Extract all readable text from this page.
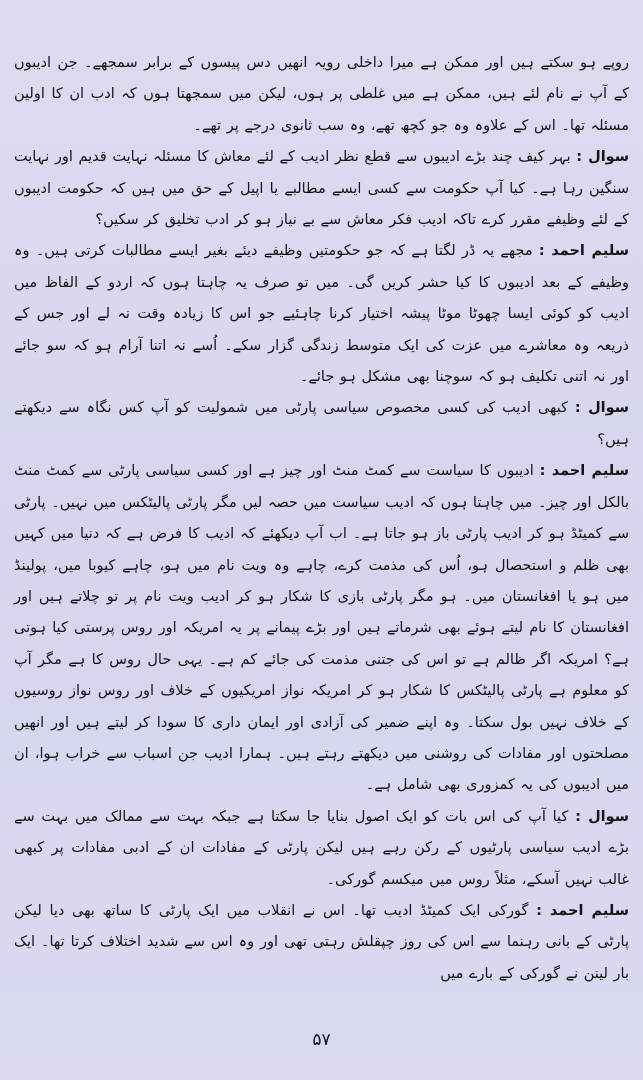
روپے ہو سکتے ہیں اور ممکن ہے میرا داخلی رویہ انھیں دس پیسوں کے برابر سمجھے۔ جن ادیبوں کے آپ نے نام لئے ہیں، ممکن ہے میں غلطی پر ہوں، لیکن میں سمجھتا ہوں کہ ادب ان کا اولین مسئلہ تھا۔ اس کے علاوہ وہ جو کچھ تھے، وہ سب ثانوی درجے پر تھے۔

سوال : بہر کیف چند بڑے ادیبوں سے قطع نظر ادیب کے لئے معاش کا مسئلہ نہایت قدیم اور نہایت سنگین رہا ہے۔ کیا آپ حکومت سے کسی ایسے مطالبے یا اپیل کے حق میں ہیں کہ حکومت ادیبوں کے لئے وظیفے مقرر کرے تاکہ ادیب فکر معاش سے بے نیاز ہو کر ادب تخلیق کر سکیں؟

سلیم احمد : مجھے یہ ڈر لگتا ہے کہ جو حکومتیں وظیفے دیئے بغیر ایسے مطالبات کرتی ہیں۔ وہ وظیفے کے بعد ادیبوں کا کیا حشر کریں گی۔ میں تو صرف یہ چاہتا ہوں کہ اردو کے الفاظ میں ادیب کو کوئی ایسا چھوٹا موٹا پیشہ اختیار کرنا چاہئیے جو اس کا زیادہ وقت نہ لے اور جس کے ذریعہ وہ معاشرے میں عزت کی ایک متوسط زندگی گزار سکے۔ اُسے نہ اتنا آرام ہو کہ سو جائے اور نہ اتنی تکلیف ہو کہ سوچنا بھی مشکل ہو جائے۔

سوال : کبھی ادیب کی کسی مخصوص سیاسی پارٹی میں شمولیت کو آپ کس نگاہ سے دیکھتے ہیں؟

سلیم احمد : ادیبوں کا سیاست سے کمٹ منٹ اور چیز ہے اور کسی سیاسی پارٹی سے کمٹ منٹ بالکل اور چیز۔ میں چاہتا ہوں کہ ادیب سیاست میں حصہ لیں مگر پارٹی پالیٹکس میں نہیں۔ پارٹی سے کمیٹڈ ہو کر ادیب پارٹی باز ہو جاتا ہے۔ اب آپ دیکھئے کہ ادیب کا فرض ہے کہ دنیا میں کہیں بھی ظلم و استحصال ہو، اُس کی مذمت کرے، چاہے وہ ویت نام میں ہو، چاہے کیوبا میں، پولینڈ میں ہو یا افغانستان میں۔ ہو مگر پارٹی بازی کا شکار ہو کر ادیب ویت نام پر تو چلاتے ہیں اور افغانستان کا نام لیتے ہوئے بھی شرماتے ہیں اور بڑے پیمانے پر یہ امریکہ اور روس پرستی کیا ہوتی ہے؟ امریکہ اگر ظالم ہے تو اس کی جتنی مذمت کی جائے کم ہے۔ یہی حال روس کا ہے مگر آپ کو معلوم ہے پارٹی پالیٹکس کا شکار ہو کر امریکہ نواز امریکیوں کے خلاف اور روس نواز روسیوں کے خلاف نہیں بول سکتا۔ وہ اپنے ضمیر کی آزادی اور ایمان داری کا سودا کر لیتے ہیں اور انھیں مصلحتوں اور مفادات کی روشنی میں دیکھتے رہتے ہیں۔ ہمارا ادیب جن اسباب سے خراب ہوا، ان میں ادیبوں کی یہ کمزوری بھی شامل ہے۔

سوال : کیا آپ کی اس بات کو ایک اصول بنایا جا سکتا ہے جبکہ بہت سے ممالک میں بہت سے بڑے ادیب سیاسی پارٹیوں کے رکن رہے ہیں لیکن پارٹی کے مفادات ان کے ادبی مفادات پر کبھی غالب نہیں آسکے، مثلاً روس میں میکسم گورکی۔

سلیم احمد : گورکی ایک کمیٹڈ ادیب تھا۔ اس نے انقلاب میں ایک پارٹی کا ساتھ بھی دیا لیکن پارٹی کے بانی رہنما سے اس کی روز چپقلش رہتی تھی اور وہ اس سے شدید اختلاف کرتا تھا۔ ایک بار لینن نے گورکی کے بارے میں

۵۷
